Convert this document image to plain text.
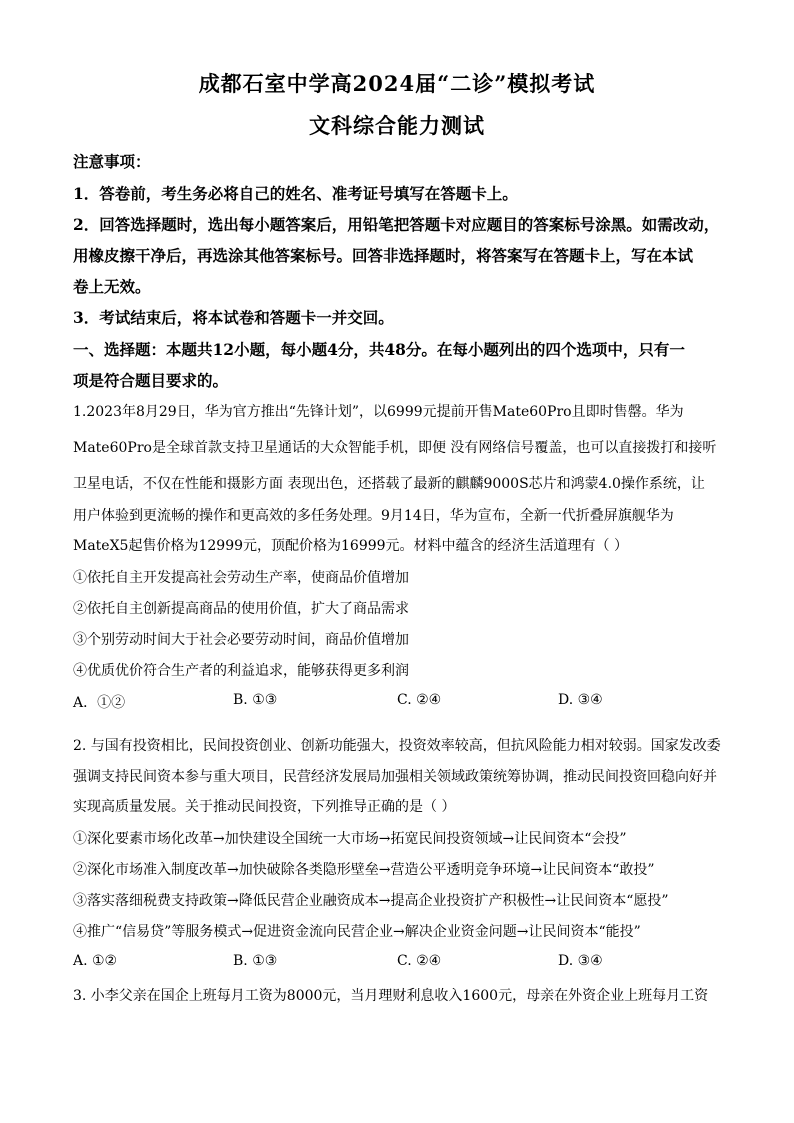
成都石室中学高2024届“二诊”模拟考试
文科综合能力测试
注意事项：
1．答卷前，考生务必将自己的姓名、准考证号填写在答题卡上。
2．回答选择题时，选出每小题答案后，用铅笔把答题卡对应题目的答案标号涂黑。如需改动，
用橡皮擦干净后，再选涂其他答案标号。回答非选择题时，将答案写在答题卡上，写在本试
卷上无效。
3．考试结束后，将本试卷和答题卡一并交回。
一、选择题：本题共12小题，每小题4分，共48分。在每小题列出的四个选项中，只有一
项是符合题目要求的。
1.2023年8月29日，华为官方推出“先锋计划”，以6999元提前开售Mate60Pro且即时售罄。华为
Mate60Pro是全球首款支持卫星通话的大众智能手机，即便 没有网络信号覆盖，也可以直接拨打和接听
卫星电话，不仅在性能和摄影方面 表现出色，还搭载了最新的麒麟9000S芯片和鸿蒙4.0操作系统，让
用户体验到更流畅的操作和更高效的多任务处理。9月14日，华为宣布，全新一代折叠屏旗舰华为
MateX5起售价格为12999元，顶配价格为16999元。材料中蕴含的经济生活道理有（ ）
①依托自主开发提高社会劳动生产率，使商品价值增加
②依托自主创新提高商品的使用价值，扩大了商品需求
③个别劳动时间大于社会必要劳动时间，商品价值增加
④优质优价符合生产者的利益追求，能够获得更多利润
A．①②	B. ①③	C. ②④	D. ③④
2. 与国有投资相比，民间投资创业、创新功能强大，投资效率较高，但抗风险能力相对较弱。国家发改委
强调支持民间资本参与重大项目，民营经济发展局加强相关领域政策统筹协调，推动民间投资回稳向好并
实现高质量发展。关于推动民间投资，下列推导正确的是（ ）
①深化要素市场化改革→加快建设全国统一大市场→拓宽民间投资领域→让民间资本“会投”
②深化市场准入制度改革→加快破除各类隐形壁垒→营造公平透明竞争环境→让民间资本“敢投”
③落实落细税费支持政策→降低民营企业融资成本→提高企业投资扩产积极性→让民间资本“愿投”
④推广“信易贷”等服务模式→促进资金流向民营企业→解决企业资金问题→让民间资本“能投”
A. ①②	B. ①③	C. ②④	D. ③④
3. 小李父亲在国企上班每月工资为8000元，当月理财利息收入1600元，母亲在外资企业上班每月工资
